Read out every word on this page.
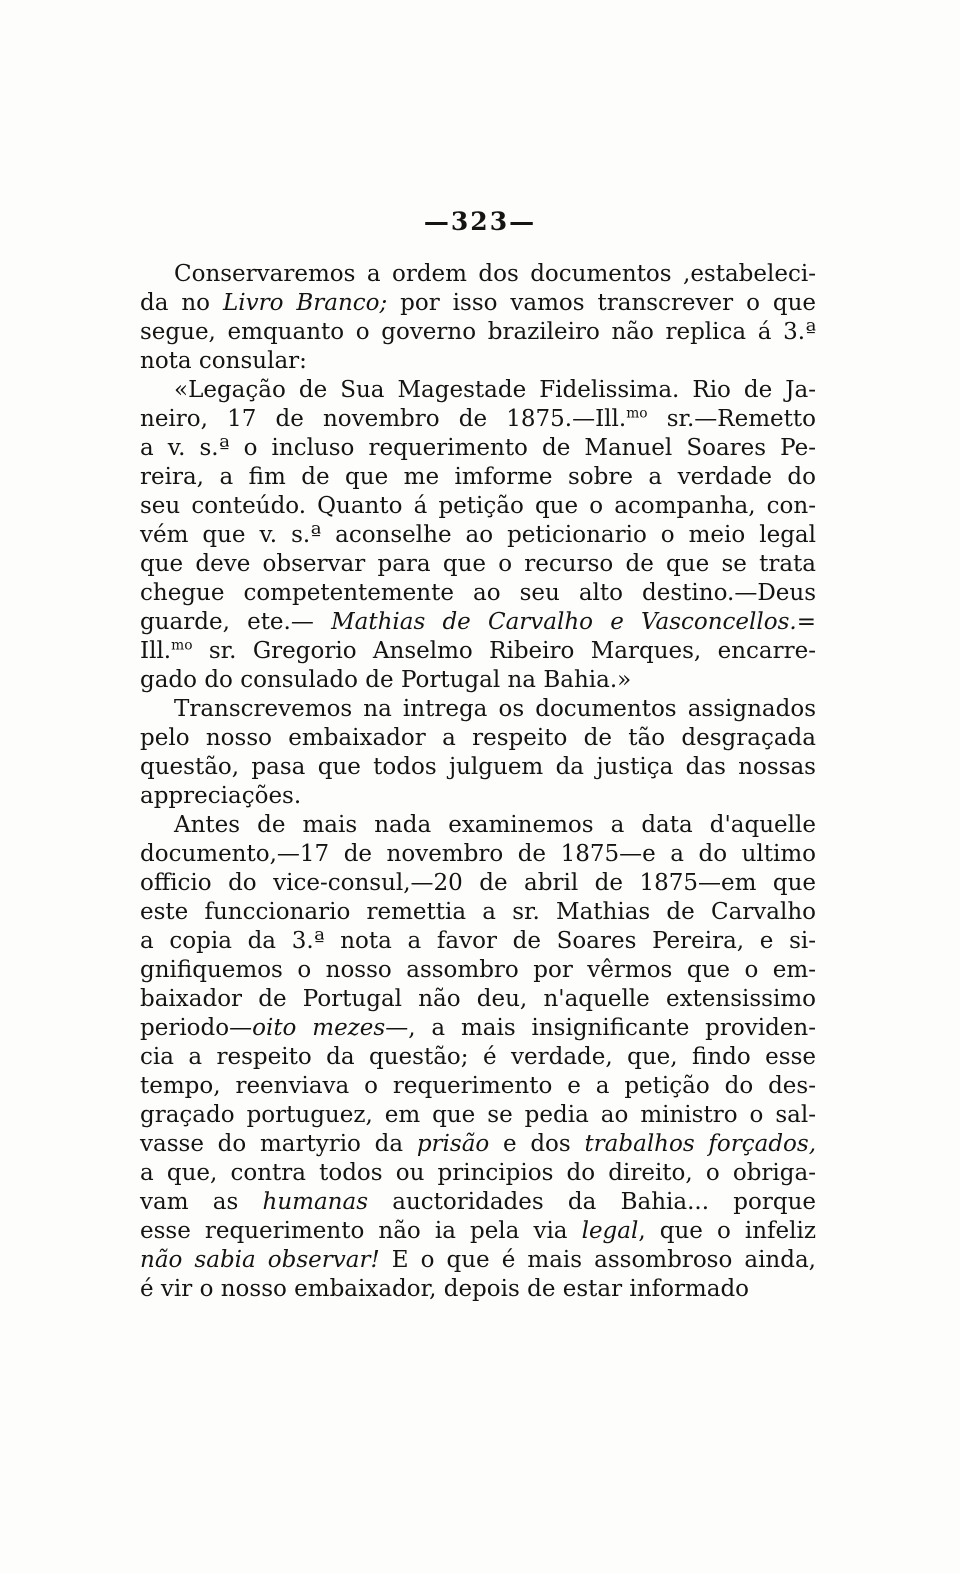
—323—
Conservaremos a ordem dos documentos ,estabeleci-
da no Livro Branco; por isso vamos transcrever o que
segue, emquanto o governo brazileiro não replica á 3.ª
nota consular:
«Legação de Sua Magestade Fidelissima. Rio de Ja-
neiro, 17 de novembro de 1875.—Ill.$^{mo}$ sr.—Remetto
a v. s.ª o incluso requerimento de Manuel Soares Pe-
reira, a fim de que me imforme sobre a verdade do
seu conteúdo. Quanto á petição que o acompanha, con-
vém que v. s.ª aconselhe ao peticionario o meio legal
que deve observar para que o recurso de que se trata
chegue competentemente ao seu alto destino.—Deus
guarde, ete.— Mathias de Carvalho e Vasconcellos.=
Ill.$^{mo}$ sr. Gregorio Anselmo Ribeiro Marques, encarre-
gado do consulado de Portugal na Bahia.»
Transcrevemos na intrega os documentos assignados
pelo nosso embaixador a respeito de tão desgraçada
questão, pasa que todos julguem da justiça das nossas
appreciações.
Antes de mais nada examinemos a data d'aquelle
documento,—17 de novembro de 1875—e a do ultimo
officio do vice-consul,—20 de abril de 1875—em que
este funccionario remettia a sr. Mathias de Carvalho
a copia da 3.ª nota a favor de Soares Pereira, e si-
gnifiquemos o nosso assombro por vêrmos que o em-
baixador de Portugal não deu, n'aquelle extensissimo
periodo—oito mezes—, a mais insignificante providen-
cia a respeito da questão; é verdade, que, findo esse
tempo, reenviava o requerimento e a petição do des-
graçado portuguez, em que se pedia ao ministro o sal-
vasse do martyrio da prisão e dos trabalhos forçados,
a que, contra todos ou principios do direito, o obriga-
vam as humanas auctoridades da Bahia... porque
esse requerimento não ia pela via legal, que o infeliz
não sabia observar! E o que é mais assombroso ainda,
é vir o nosso embaixador, depois de estar informado
